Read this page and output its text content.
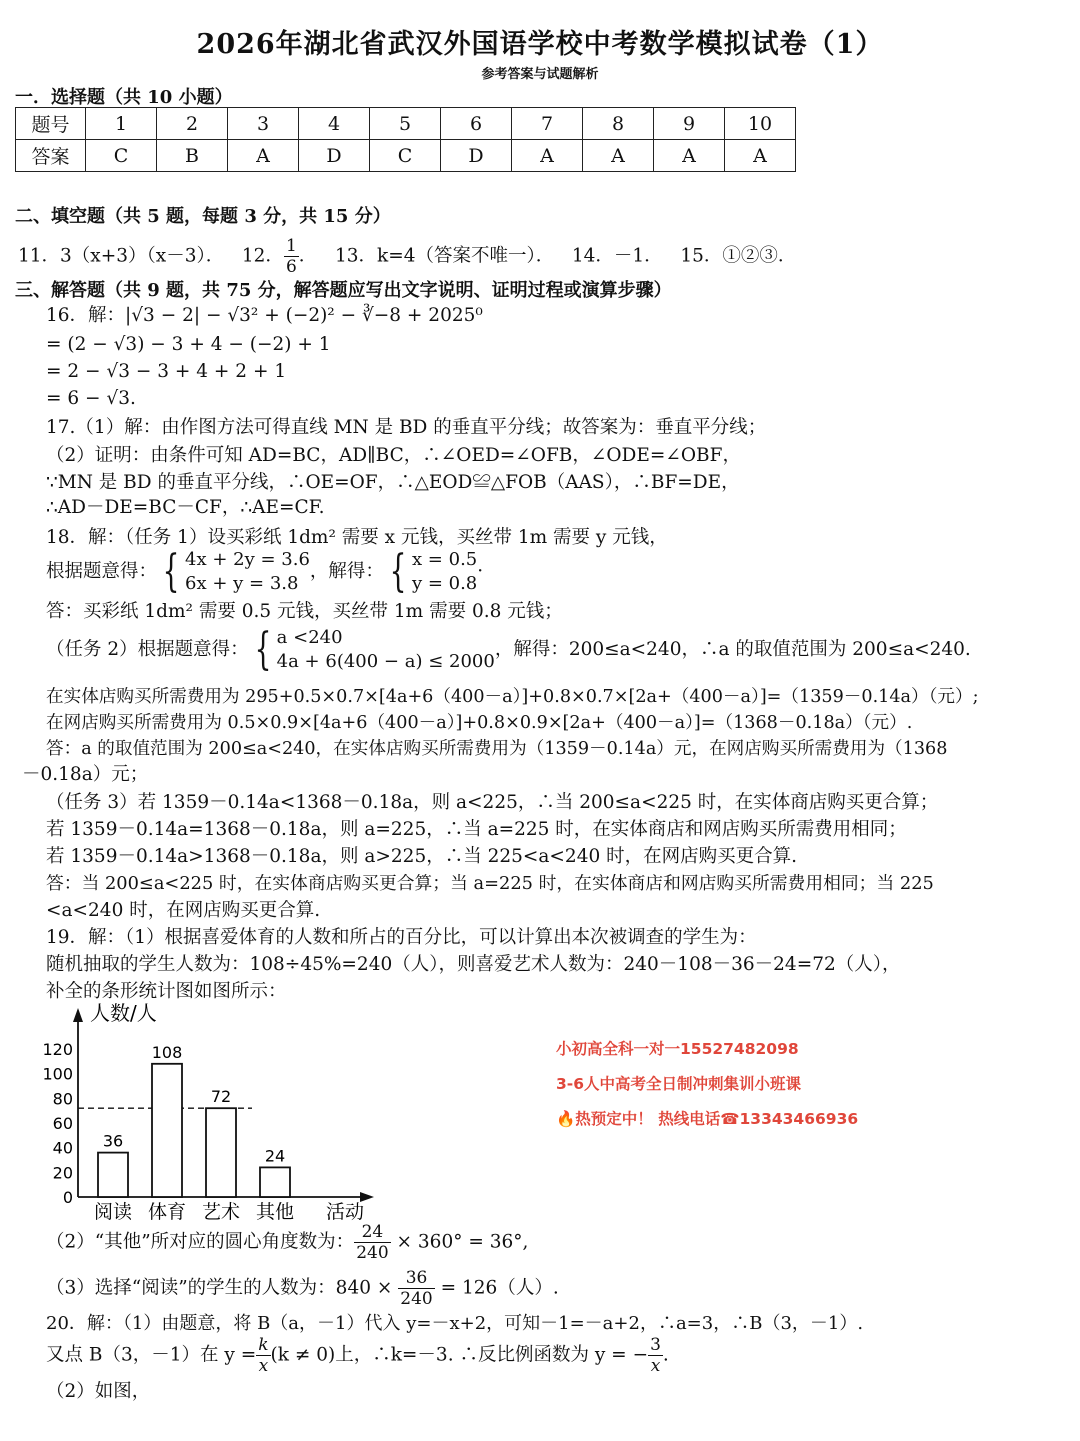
2026年湖北省武汉外国语学校中考数学模拟试卷（1）
参考答案与试题解析
一．选择题（共 10 小题）
题号	1	2	3	4	5	6	7	8	9	10
答案	C	B	A	D	C	D	A	A	A	A
二、填空题（共 5 题，每题 3 分，共 15 分）
11．3（x+3）（x－3）． 12． $\frac{1}{6}$ ． 13．k=4（答案不唯一）． 14．－1． 15．①②③．
三、解答题（共 9 题，共 75 分，解答题应写出文字说明、证明过程或演算步骤）
16．解：|√3 − 2| − √3² + (−2)² − ∛−8 + 2025⁰
= (2 − √3) − 3 + 4 − (−2) + 1
= 2 − √3 − 3 + 4 + 2 + 1
= 6 − √3.
17.（1）解：由作图方法可得直线 MN 是 BD 的垂直平分线；故答案为：垂直平分线；
（2）证明：由条件可知 AD=BC，AD∥BC，∴∠OED=∠OFB，∠ODE=∠OBF，
∵MN 是 BD 的垂直平分线，∴OE=OF，∴△EOD≌△FOB（AAS），∴BF=DE，
∴AD－DE=BC－CF，∴AE=CF.
18．解：（任务 1）设买彩纸 1dm² 需要 x 元钱，买丝带 1m 需要 y 元钱，
根据题意得： { 4x + 2y = 3.6
6x + y = 3.8
，解得： { x = 0.5
y = 0.8
·
答：买彩纸 1dm² 需要 0.5 元钱，买丝带 1m 需要 0.8 元钱；
（任务 2）根据题意得： { a <240
4a + 6(400 − a) ≤ 2000
，解得：200≤a<240，∴a 的取值范围为 200≤a<240.
在实体店购买所需费用为 295+0.5×0.7×[4a+6（400－a）]+0.8×0.7×[2a+（400－a）]=（1359－0.14a）（元）;
在网店购买所需费用为 0.5×0.9×[4a+6（400－a）]+0.8×0.9×[2a+（400－a）]=（1368－0.18a）（元）.
答：a 的取值范围为 200≤a<240，在实体店购买所需费用为（1359－0.14a）元，在网店购买所需费用为（1368
－0.18a）元；
（任务 3）若 1359－0.14a<1368－0.18a，则 a<225，∴当 200≤a<225 时，在实体商店购买更合算；
若 1359－0.14a=1368－0.18a，则 a=225，∴当 a=225 时，在实体商店和网店购买所需费用相同；
若 1359－0.14a>1368－0.18a，则 a>225，∴当 225<a<240 时，在网店购买更合算.
答：当 200≤a<225 时，在实体商店购买更合算；当 a=225 时，在实体商店和网店购买所需费用相同；当 225
<a<240 时，在网店购买更合算.
19．解：（1）根据喜爱体育的人数和所占的百分比，可以计算出本次被调查的学生为：
随机抽取的学生人数为：108÷45%=240（人），则喜爱艺术人数为：240－108－36－24=72（人），
补全的条形统计图如图所示：
人数/人
活动
0
20
40
60
80
100
120
36
阅读
108
体育
72
艺术
24
其他
小初高全科一对一15527482098
3-6人中高考全日制冲刺集训小班课
🔥热预定中！ 热线电话☎13343466936
（2）“其他”所对应的圆心角度数为： $\frac{24}{240} \times 360^\circ = 36^\circ$,
（3）选择“阅读”的学生的人数为：$840 \times \frac{36}{240} = 126$（人）.
20．解：（1）由题意，将 B（a，－1）代入 y=－x+2，可知－1=－a+2，∴a=3，∴B（3，－1）.
又点 B（3，－1）在 $y = \frac{k}{x} (k \ne 0)$上，∴k=－3. ∴反比例函数为 y = − $\frac{3}{x}$ .
（2）如图，
